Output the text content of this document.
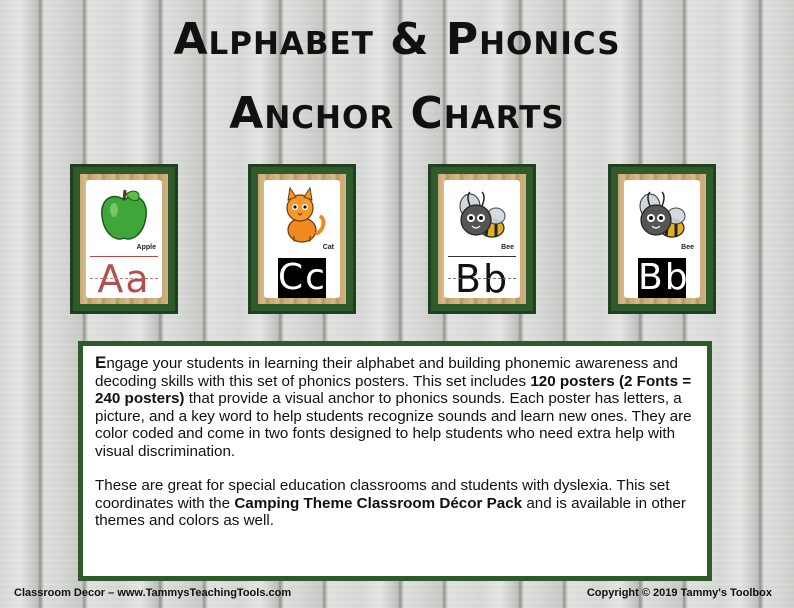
Alphabet & Phonics
Anchor Charts
Apple
Aa
Cat
Cc
Bee
Bb
Bee
Bb

Engage your students in learning their alphabet and building phonemic awareness and decoding skills with this set of phonics posters. This set includes 120 posters (2 Fonts = 240 posters) that provide a visual anchor to phonics sounds. Each poster has letters, a picture, and a key word to help students recognize sounds and learn new ones. They are color coded and come in two fonts designed to help students who need extra help with visual discrimination.

These are great for special education classrooms and students with dyslexia. This set coordinates with the Camping Theme Classroom Décor Pack and is available in other themes and colors as well.

Classroom Decor – www.TammysTeachingTools.com	Copyright © 2019 Tammy's Toolbox
